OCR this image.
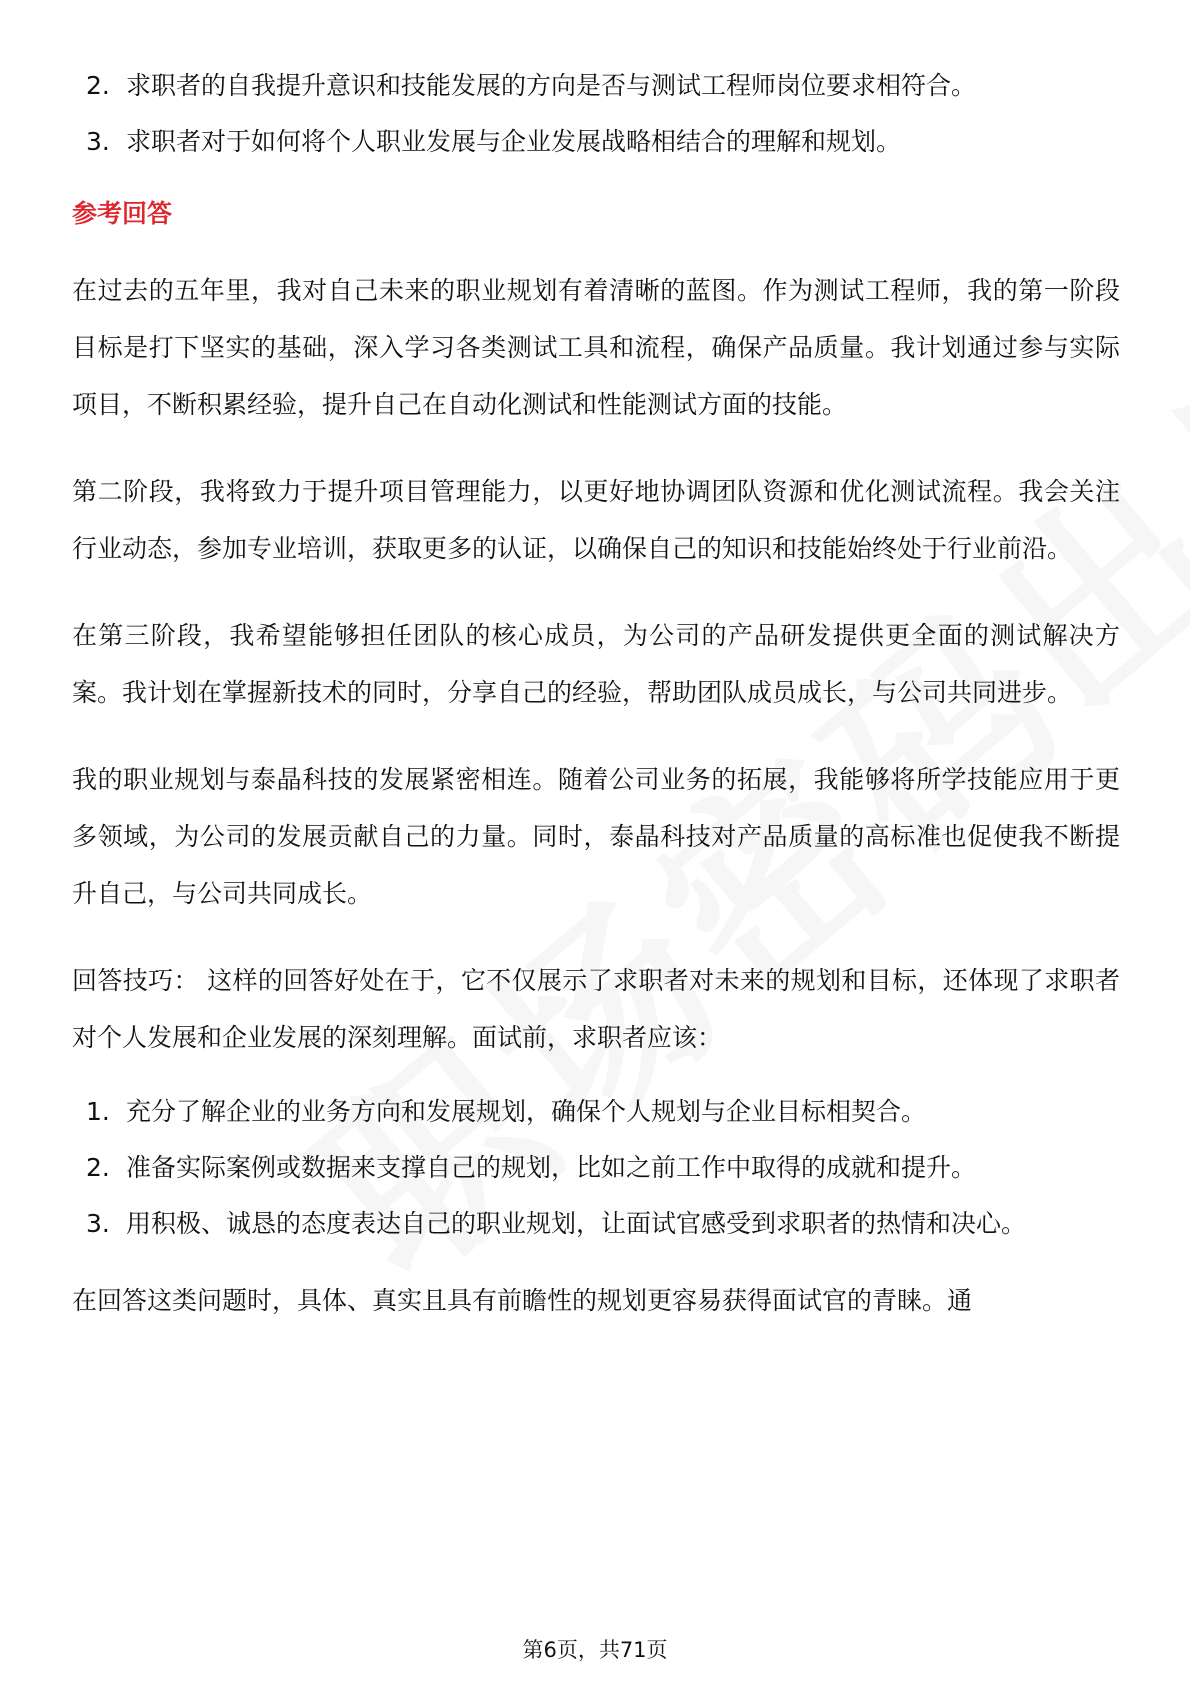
2. 求职者的自我提升意识和技能发展的方向是否与测试工程师岗位要求相符合。
3. 求职者对于如何将个人职业发展与企业发展战略相结合的理解和规划。
参考回答

在过去的五年里，我对自己未来的职业规划有着清晰的蓝图。作为测试工程师，我的第一阶段目标是打下坚实的基础，深入学习各类测试工具和流程，确保产品质量。我计划通过参与实际项目，不断积累经验，提升自己在自动化测试和性能测试方面的技能。

第二阶段，我将致力于提升项目管理能力，以更好地协调团队资源和优化测试流程。我会关注行业动态，参加专业培训，获取更多的认证，以确保自己的知识和技能始终处于行业前沿。

在第三阶段，我希望能够担任团队的核心成员，为公司的产品研发提供更全面的测试解决方案。我计划在掌握新技术的同时，分享自己的经验，帮助团队成员成长，与公司共同进步。

我的职业规划与泰晶科技的发展紧密相连。随着公司业务的拓展，我能够将所学技能应用于更多领域，为公司的发展贡献自己的力量。同时，泰晶科技对产品质量的高标准也促使我不断提升自己，与公司共同成长。

回答技巧： 这样的回答好处在于，它不仅展示了求职者对未来的规划和目标，还体现了求职者对个人发展和企业发展的深刻理解。面试前，求职者应该：

1. 充分了解企业的业务方向和发展规划，确保个人规划与企业目标相契合。
2. 准备实际案例或数据来支撑自己的规划，比如之前工作中取得的成就和提升。
3. 用积极、诚恳的态度表达自己的职业规划，让面试官感受到求职者的热情和决心。

在回答这类问题时，具体、真实且具有前瞻性的规划更容易获得面试官的青睐。通

第6页，共71页
